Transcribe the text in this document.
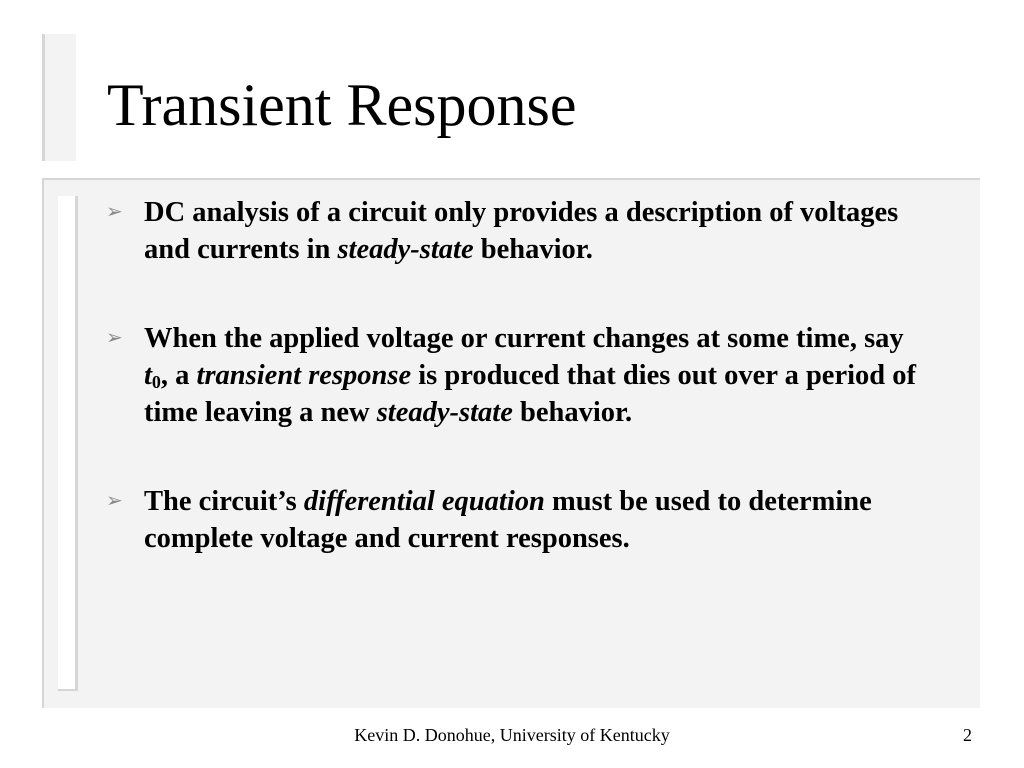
Transient Response
➢ DC analysis of a circuit only provides a description of voltages and currents in steady-state behavior.
➢ When the applied voltage or current changes at some time, say $t_0$, a transient response is produced that dies out over a period of time leaving a new steady-state behavior.
➢ The circuit’s differential equation must be used to determine complete voltage and current responses.
Kevin D. Donohue, University of Kentucky	2
